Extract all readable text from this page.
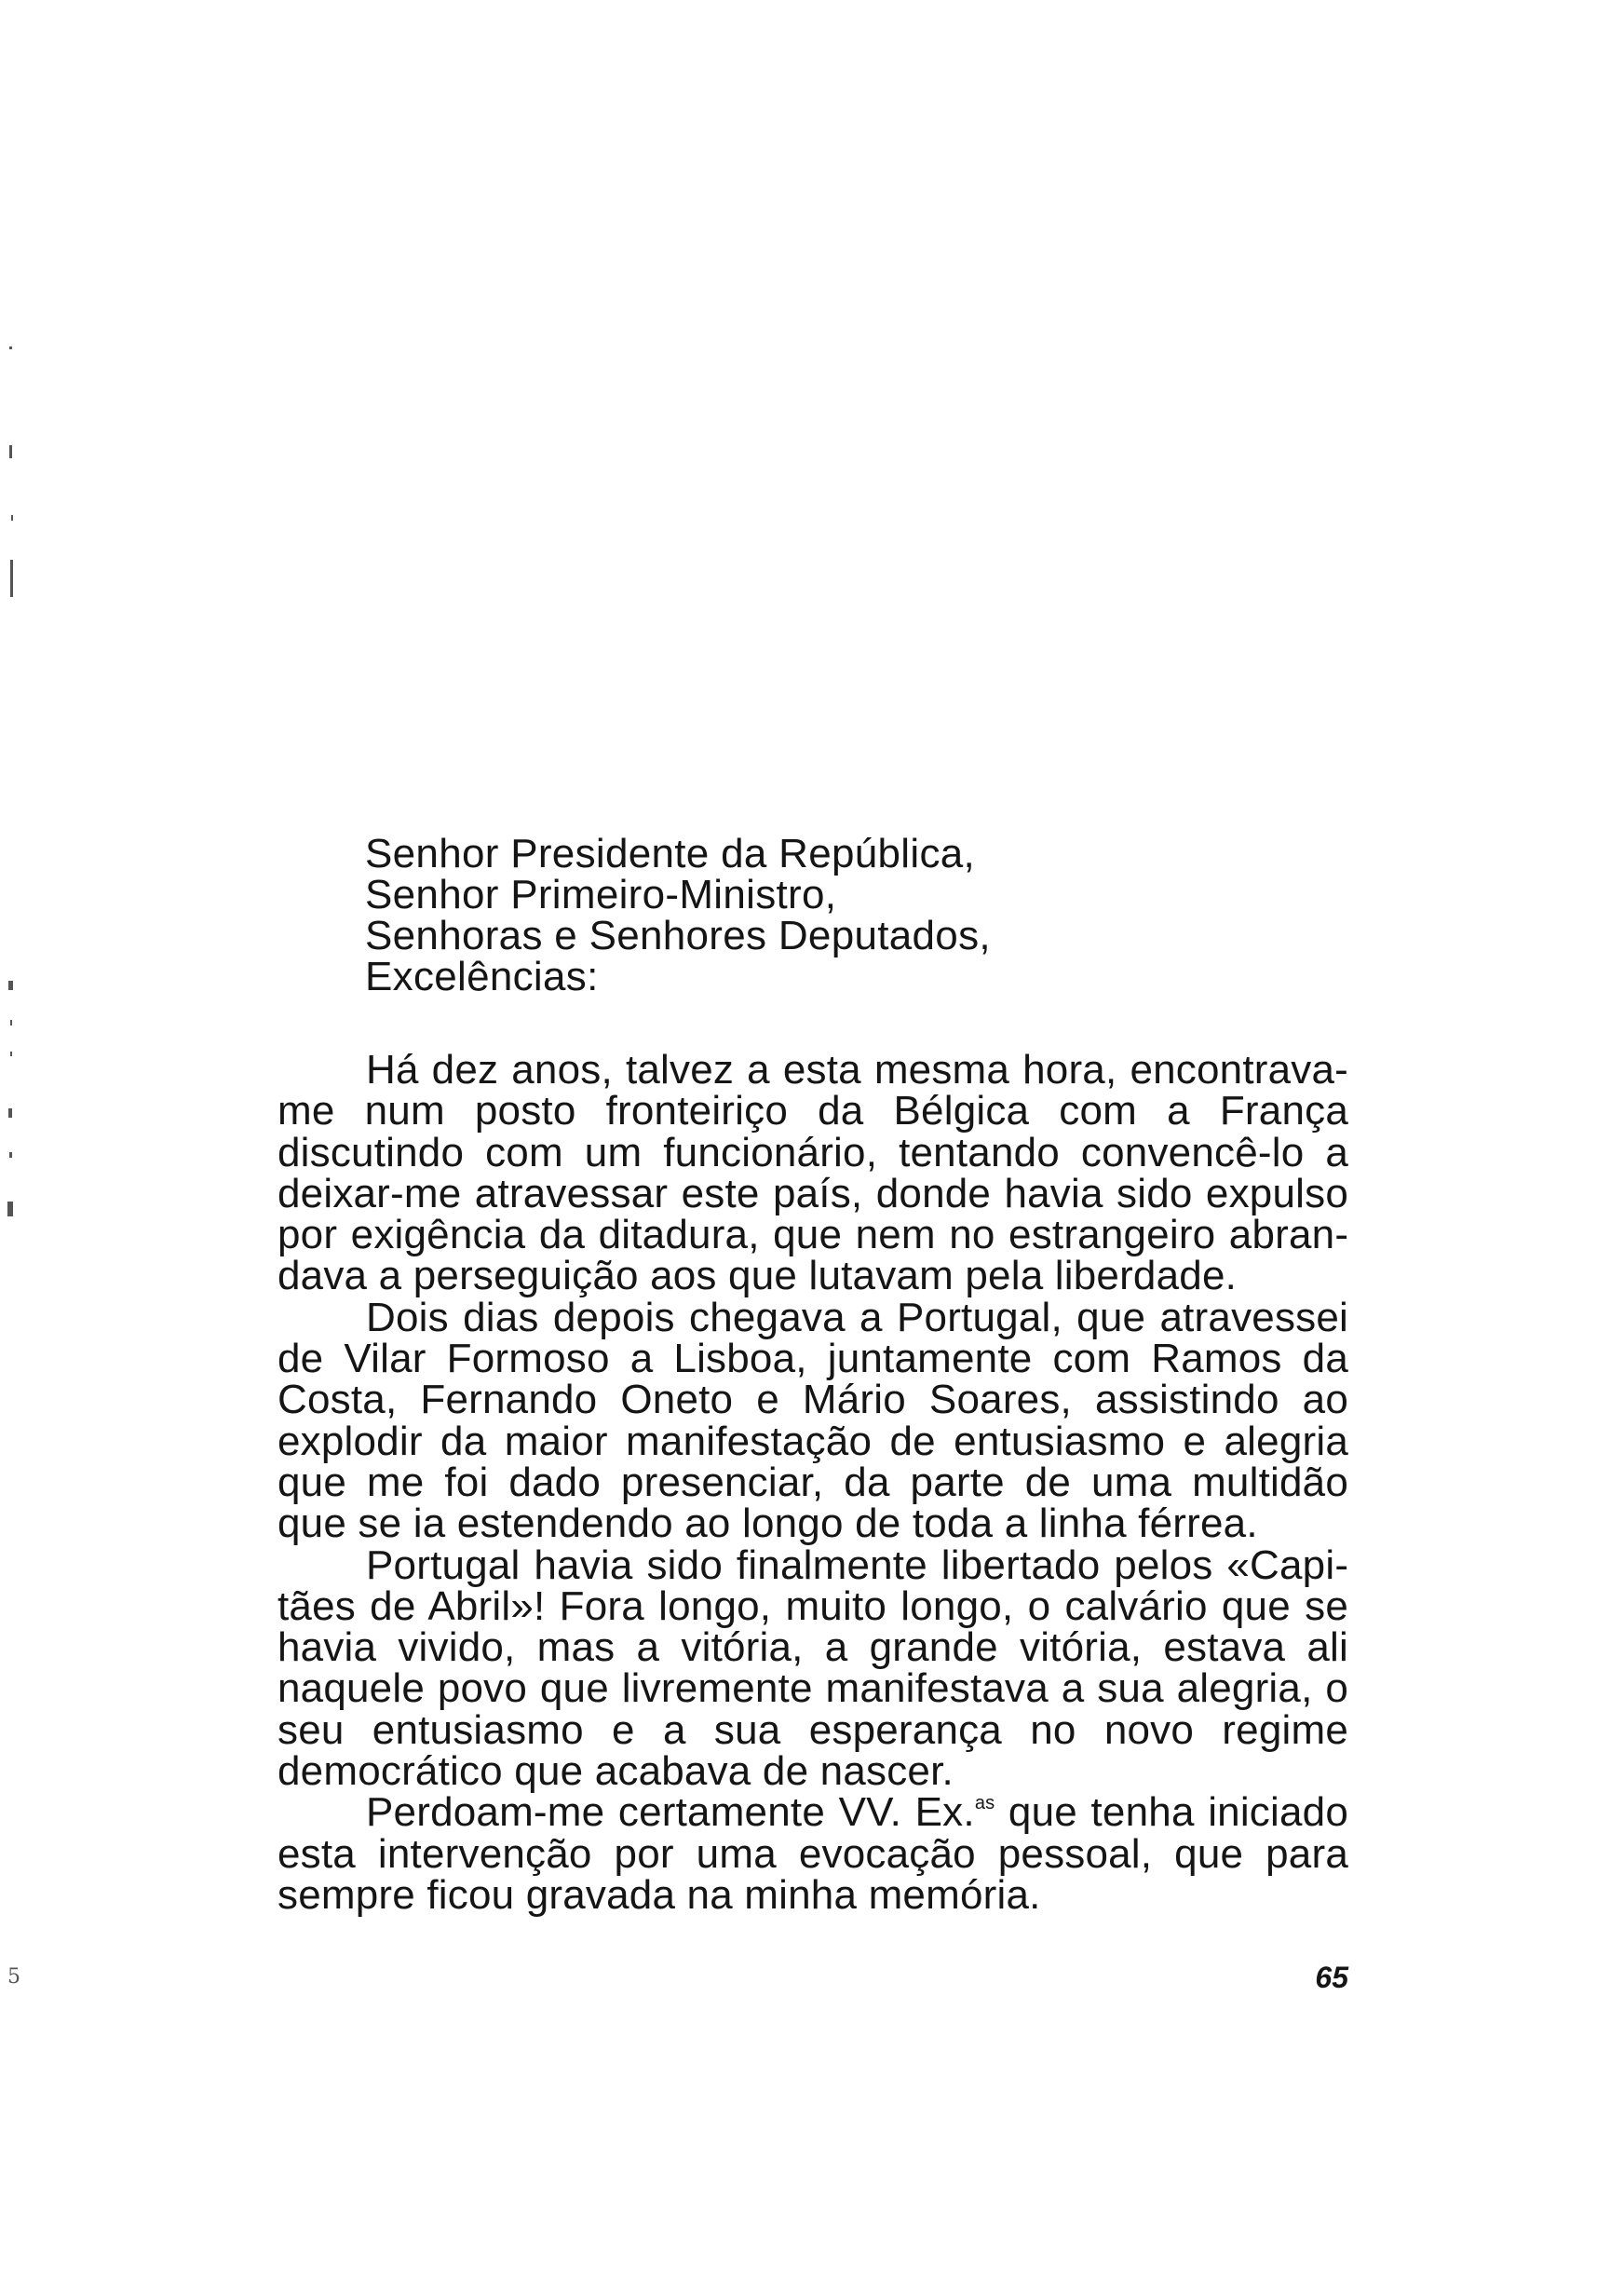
Senhor Presidente da República,
Senhor Primeiro-Ministro,
Senhoras e Senhores Deputados,
Excelências:

Há dez anos, talvez a esta mesma hora, encontrava-me num posto fronteiriço da Bélgica com a França discutindo com um funcionário, tentando convencê-lo a deixar-me atravessar este país, donde havia sido expulso por exigência da ditadura, que nem no estrangeiro abrandava a perseguição aos que lutavam pela liberdade.

Dois dias depois chegava a Portugal, que atravessei de Vilar Formoso a Lisboa, juntamente com Ramos da Costa, Fernando Oneto e Mário Soares, assistindo ao explodir da maior manifestação de entusiasmo e alegria que me foi dado presenciar, da parte de uma multidão que se ia estendendo ao longo de toda a linha férrea.

Portugal havia sido finalmente libertado pelos «Capitães de Abril»! Fora longo, muito longo, o calvário que se havia vivido, mas a vitória, a grande vitória, estava ali naquele povo que livremente manifestava a sua alegria, o seu entusiasmo e a sua esperança no novo regime democrático que acabava de nascer.

Perdoam-me certamente VV. Ex.$^{as}$ que tenha iniciado esta intervenção por uma evocação pessoal, que para sempre ficou gravada na minha memória.

65
5
